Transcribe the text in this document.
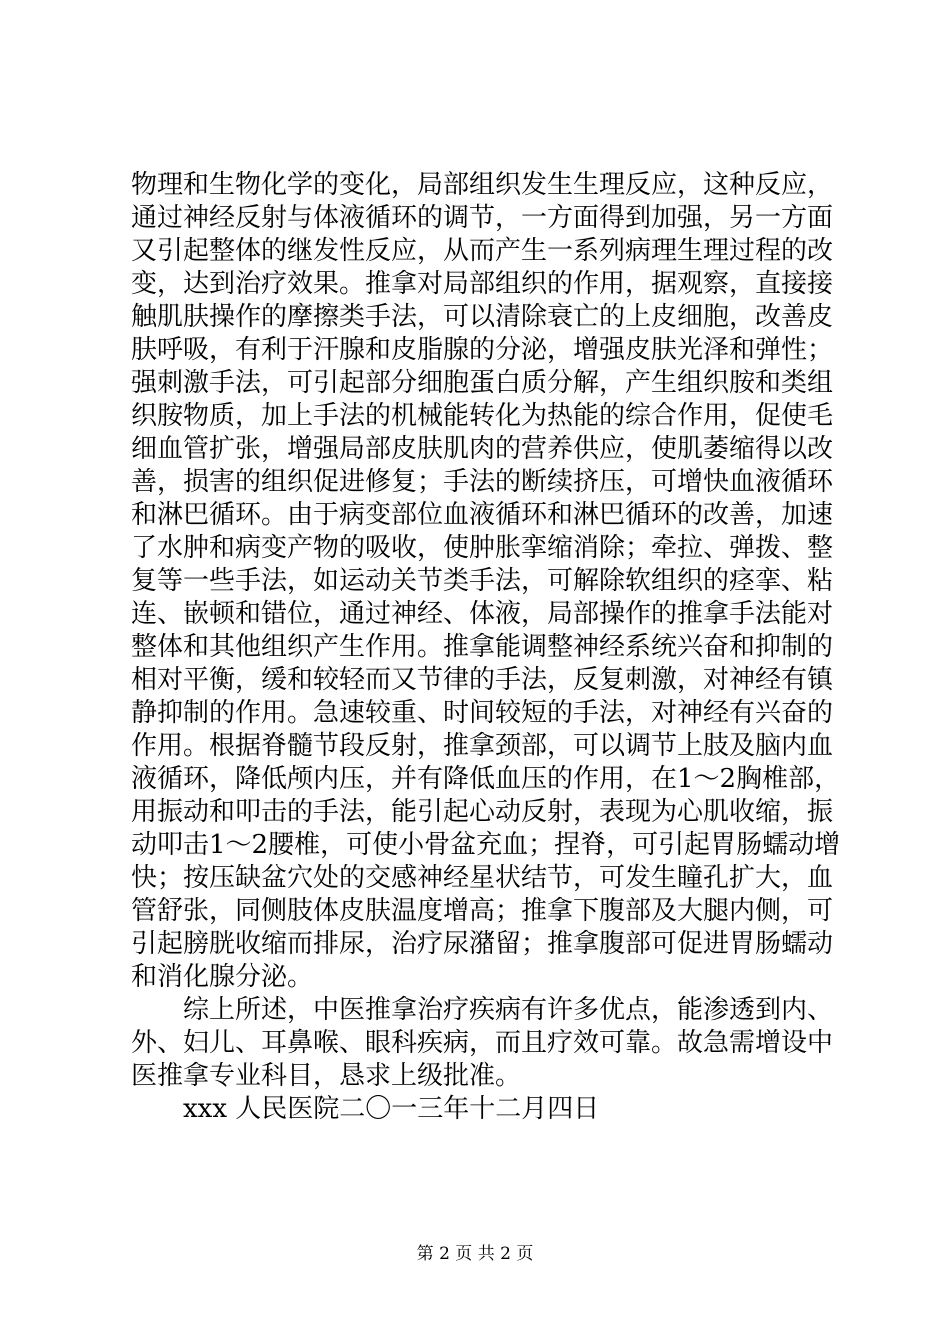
物理和生物化学的变化，局部组织发生生理反应，这种反应，
通过神经反射与体液循环的调节，一方面得到加强，另一方面
又引起整体的继发性反应，从而产生一系列病理生理过程的改
变，达到治疗效果。推拿对局部组织的作用，据观察，直接接
触肌肤操作的摩擦类手法，可以清除衰亡的上皮细胞，改善皮
肤呼吸，有利于汗腺和皮脂腺的分泌，增强皮肤光泽和弹性；
强刺激手法，可引起部分细胞蛋白质分解，产生组织胺和类组
织胺物质，加上手法的机械能转化为热能的综合作用，促使毛
细血管扩张，增强局部皮肤肌肉的营养供应，使肌萎缩得以改
善，损害的组织促进修复；手法的断续挤压，可增快血液循环
和淋巴循环。由于病变部位血液循环和淋巴循环的改善，加速
了水肿和病变产物的吸收，使肿胀挛缩消除；牵拉、弹拨、整
复等一些手法，如运动关节类手法，可解除软组织的痉挛、粘
连、嵌顿和错位，通过神经、体液，局部操作的推拿手法能对
整体和其他组织产生作用。推拿能调整神经系统兴奋和抑制的
相对平衡，缓和较轻而又节律的手法，反复刺激，对神经有镇
静抑制的作用。急速较重、时间较短的手法，对神经有兴奋的
作用。根据脊髓节段反射，推拿颈部，可以调节上肢及脑内血
液循环，降低颅内压，并有降低血压的作用，在1～2胸椎部，
用振动和叩击的手法，能引起心动反射，表现为心肌收缩，振
动叩击1～2腰椎，可使小骨盆充血；捏脊，可引起胃肠蠕动增
快；按压缺盆穴处的交感神经星状结节，可发生瞳孔扩大，血
管舒张，同侧肢体皮肤温度增高；推拿下腹部及大腿内侧，可
引起膀胱收缩而排尿，治疗尿潴留；推拿腹部可促进胃肠蠕动
和消化腺分泌。
综上所述，中医推拿治疗疾病有许多优点，能渗透到内、
外、妇儿、耳鼻喉、眼科疾病，而且疗效可靠。故急需增设中
医推拿专业科目，恳求上级批准。
xxx 人民医院二〇一三年十二月四日
第 2 页 共 2 页
